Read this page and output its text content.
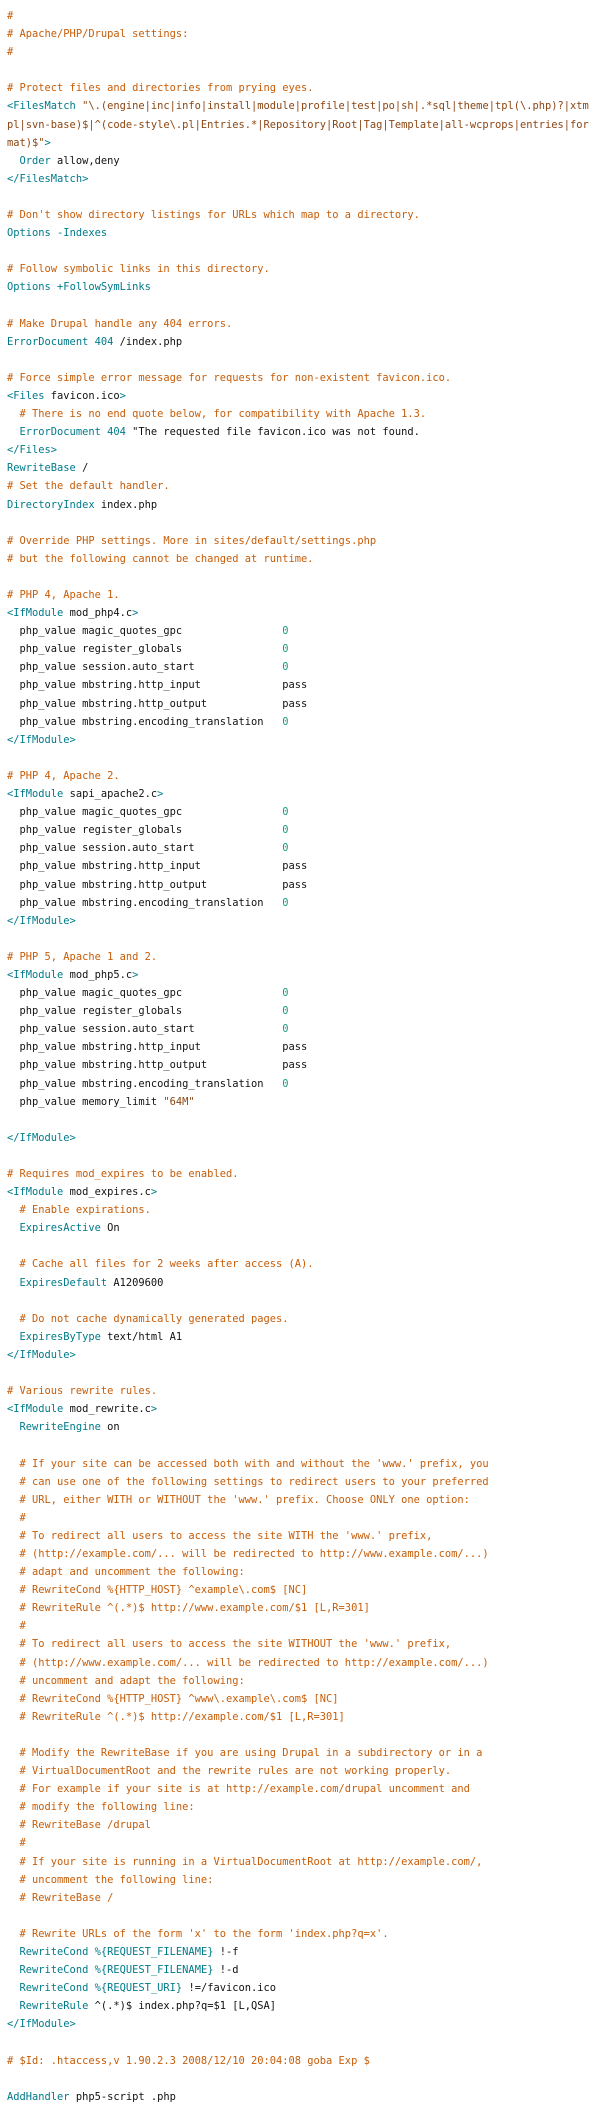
#
# Apache/PHP/Drupal settings:
#

# Protect files and directories from prying eyes.
<FilesMatch "\.(engine|inc|info|install|module|profile|test|po|sh|.*sql|theme|tpl(\.php)?|xtmpl|svn-base)$|^(code-style\.pl|Entries.*|Repository|Root|Tag|Template|all-wcprops|entries|format)$">
Order allow,deny
</FilesMatch>

# Don't show directory listings for URLs which map to a directory.
Options -Indexes

# Follow symbolic links in this directory.
Options +FollowSymLinks

# Make Drupal handle any 404 errors.
ErrorDocument 404 /index.php

# Force simple error message for requests for non-existent favicon.ico.
<Files favicon.ico>
# There is no end quote below, for compatibility with Apache 1.3.
ErrorDocument 404 "The requested file favicon.ico was not found.
</Files>
RewriteBase /
# Set the default handler.
DirectoryIndex index.php

# Override PHP settings. More in sites/default/settings.php
# but the following cannot be changed at runtime.

# PHP 4, Apache 1.
<IfModule mod_php4.c>
php_value magic_quotes_gpc                0
php_value register_globals                0
php_value session.auto_start              0
php_value mbstring.http_input             pass
php_value mbstring.http_output            pass
php_value mbstring.encoding_translation   0
</IfModule>

# PHP 4, Apache 2.
<IfModule sapi_apache2.c>
php_value magic_quotes_gpc                0
php_value register_globals                0
php_value session.auto_start              0
php_value mbstring.http_input             pass
php_value mbstring.http_output            pass
php_value mbstring.encoding_translation   0
</IfModule>

# PHP 5, Apache 1 and 2.
<IfModule mod_php5.c>
php_value magic_quotes_gpc                0
php_value register_globals                0
php_value session.auto_start              0
php_value mbstring.http_input             pass
php_value mbstring.http_output            pass
php_value mbstring.encoding_translation   0
php_value memory_limit "64M"

</IfModule>

# Requires mod_expires to be enabled.
<IfModule mod_expires.c>
# Enable expirations.
ExpiresActive On

# Cache all files for 2 weeks after access (A).
ExpiresDefault A1209600

# Do not cache dynamically generated pages.
ExpiresByType text/html A1
</IfModule>

# Various rewrite rules.
<IfModule mod_rewrite.c>
RewriteEngine on

# If your site can be accessed both with and without the 'www.' prefix, you
# can use one of the following settings to redirect users to your preferred
# URL, either WITH or WITHOUT the 'www.' prefix. Choose ONLY one option:
#
# To redirect all users to access the site WITH the 'www.' prefix,
# (http://example.com/... will be redirected to http://www.example.com/...)
# adapt and uncomment the following:
# RewriteCond %{HTTP_HOST} ^example\.com$ [NC]
# RewriteRule ^(.*)$ http://www.example.com/$1 [L,R=301]
#
# To redirect all users to access the site WITHOUT the 'www.' prefix,
# (http://www.example.com/... will be redirected to http://example.com/...)
# uncomment and adapt the following:
# RewriteCond %{HTTP_HOST} ^www\.example\.com$ [NC]
# RewriteRule ^(.*)$ http://example.com/$1 [L,R=301]

# Modify the RewriteBase if you are using Drupal in a subdirectory or in a
# VirtualDocumentRoot and the rewrite rules are not working properly.
# For example if your site is at http://example.com/drupal uncomment and
# modify the following line:
# RewriteBase /drupal
#
# If your site is running in a VirtualDocumentRoot at http://example.com/,
# uncomment the following line:
# RewriteBase /

# Rewrite URLs of the form 'x' to the form 'index.php?q=x'.
RewriteCond %{REQUEST_FILENAME} !-f
RewriteCond %{REQUEST_FILENAME} !-d
RewriteCond %{REQUEST_URI} !=/favicon.ico
RewriteRule ^(.*)$ index.php?q=$1 [L,QSA]
</IfModule>

# $Id: .htaccess,v 1.90.2.3 2008/12/10 20:04:08 goba Exp $

AddHandler php5-script .php
